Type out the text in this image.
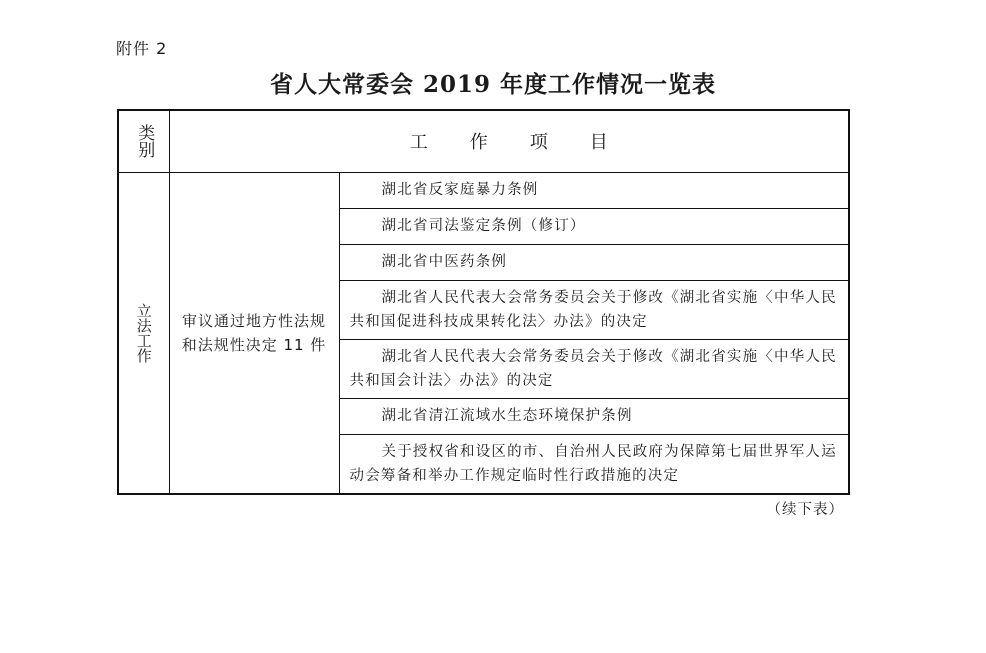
附件 2
省人大常委会 2019 年度工作情况一览表
类别	工作项目	
立法工作	审议通过地方性法规和法规性决定 11 件	湖北省反家庭暴力条例
		湖北省司法鉴定条例（修订）
		湖北省中医药条例
		湖北省人民代表大会常务委员会关于修改《湖北省实施〈中华人民共和国促进科技成果转化法〉办法》的决定
		湖北省人民代表大会常务委员会关于修改《湖北省实施〈中华人民共和国会计法〉办法》的决定
		湖北省清江流域水生态环境保护条例
		关于授权省和设区的市、自治州人民政府为保障第七届世界军人运动会筹备和举办工作规定临时性行政措施的决定
（续下表）
